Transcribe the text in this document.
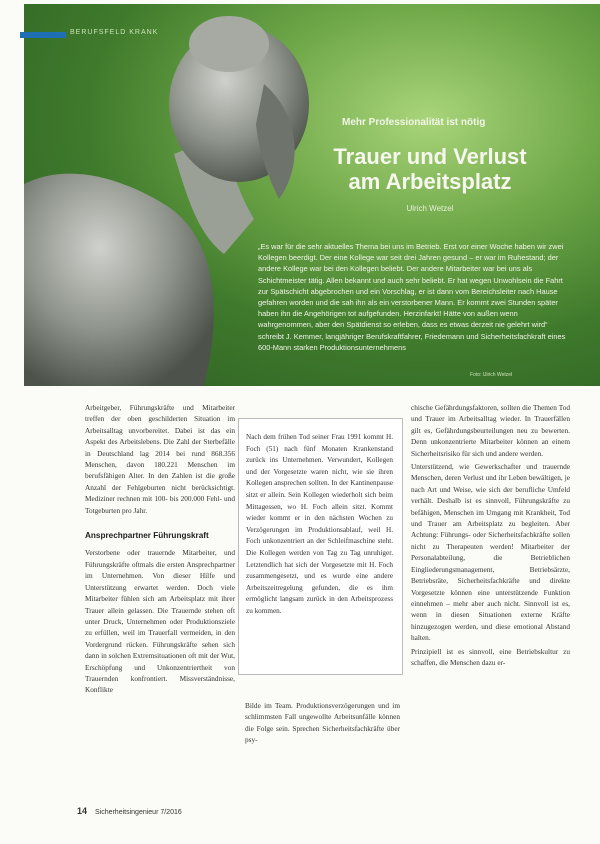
BERUFSFELD KRANK
Mehr Professionalität ist nötig
Trauer und Verlust
am Arbeitsplatz
Ulrich Wetzel
„Es war für die sehr aktuelles Thema bei uns im Betrieb. Erst vor einer Woche haben wir zwei Kollegen beerdigt. Der eine Kollege war seit drei Jahren gesund – er war im Ruhestand; der andere Kollege war bei den Kollegen beliebt. Der andere Mitarbeiter war bei uns als Schichtmeister tätig. Allen bekannt und auch sehr beliebt. Er hat wegen Unwohlsein die Fahrt zur Spätschicht abgebrochen und ein Vorschlag, er ist dann vom Bereichsleiter nach Hause gefahren worden und die sah ihn als ein verstorbener Mann. Er kommt zwei Stunden später haben ihn die Angehörigen tot aufgefunden. Herzinfarkt! Hätte von außen wenn wahrgenommen, aber den Spätdienst so erleben, dass es etwas derzeit nie gelehrt wird“ schreibt J. Kemmer, langjähriger Berufskraftfahrer, Friedemann und Sicherheitsfachkraft eines 600-Mann starken Produktionsunternehmens
Foto: Ulrich Wetzel

Arbeitgeber, Führungskräfte und Mitarbeiter treffen der oben geschilderten Situation im Arbeitsalltag unvorbereitet. Dabei ist das ein Aspekt des Arbeitslebens. Die Zahl der Sterbefälle in Deutschland lag 2014 bei rund 868.356 Menschen, davon 180.221 Menschen im berufsfähigen Alter. In den Zahlen ist die große Anzahl der Fehlgeburten nicht berücksichtigt. Mediziner rechnen mit 100- bis 200.000 Fehl- und Totgeburten pro Jahr.

Ansprechpartner Führungskraft

Verstorbene oder trauernde Mitarbeiter, und Führungskräfte oftmals die ersten Ansprechpartner im Unternehmen. Von dieser Hilfe und Unterstützung erwartet werden. Doch viele Mitarbeiter fühlen sich am Arbeitsplatz mit ihrer Trauer allein gelassen. Die Trauernde stehen oft unter Druck, Unternehmen oder Produktionsziele zu erfüllen, weil im Trauerfall vermeiden, in den Vordergrund rücken. Führungskräfte sehen sich dann in solchen Extremsituationen oft mit der Wut, Erschöpfung und Unkonzentriertheit von Trauernden konfrontiert. Missverständnisse, Konflikte

Nach dem frühen Tod seiner Frau 1991 kommt H. Foch (51) nach fünf Monaten Krankenstand zurück ins Unternehmen. Verwundert, Kollegen und der Vorgesetzte waren nicht, wie sie ihren Kollegen ansprechen sollten. In der Kantinenpause sitzt er allein. Sein Kollegen wiederholt sich beim Mittagessen, wo H. Foch allein sitzt. Kommt wieder kommt er in den nächsten Wochen zu Verzögerungen im Produktionsablauf, weil H. Foch unkonzentriert an der Schleifmaschine steht. Die Kollegen werden von Tag zu Tag unruhiger. Letztendlich hat sich der Vorgesetzte mit H. Foch zusammengesetzt, und es wurde eine andere Arbeitszeitregelung gefunden, die es ihm ermöglicht langsam zurück in den Arbeitsprozess zu kommen.

Bilde im Team. Produktionsverzögerungen und im schlimmsten Fall ungewollte Arbeitsunfälle können die Folge sein. Sprechen Sicherheitsfachkräfte über psy-

chische Gefährdungsfaktoren, sollten die Themen Tod und Trauer im Arbeitsalltag wieder. In Trauerfällen gilt es, Gefährdungsbeurteilungen neu zu bewerten. Denn unkonzentrierte Mitarbeiter können an einem Sicherheitsrisiko für sich und andere werden.

Unterstützend, wie Gewerkschafter und trauernde Menschen, deren Verlust und ihr Leben bewältigen, je nach Art und Weise, wie sich der berufliche Umfeld verhält. Deshalb ist es sinnvoll, Führungskräfte zu befähigen, Menschen im Umgang mit Krankheit, Tod und Trauer am Arbeitsplatz zu begleiten. Aber Achtung: Führungs- oder Sicherheitsfachkräfte sollen nicht zu Therapeuten werden! Mitarbeiter der Personalabteilung, die Betrieblichen Eingliederungsmanagement, Betriebsärzte, Betriebsräte, Sicherheitsfachkräfte und direkte Vorgesetzte können eine unterstützende Funktion einnehmen – mehr aber auch nicht. Sinnvoll ist es, wenn in diesen Situationen externe Kräfte hinzugezogen werden, und diese emotional Abstand halten.

Prinzipiell ist es sinnvoll, eine Betriebskultur zu schaffen, die Menschen dazu er-

14 Sicherheitsingenieur 7/2016
